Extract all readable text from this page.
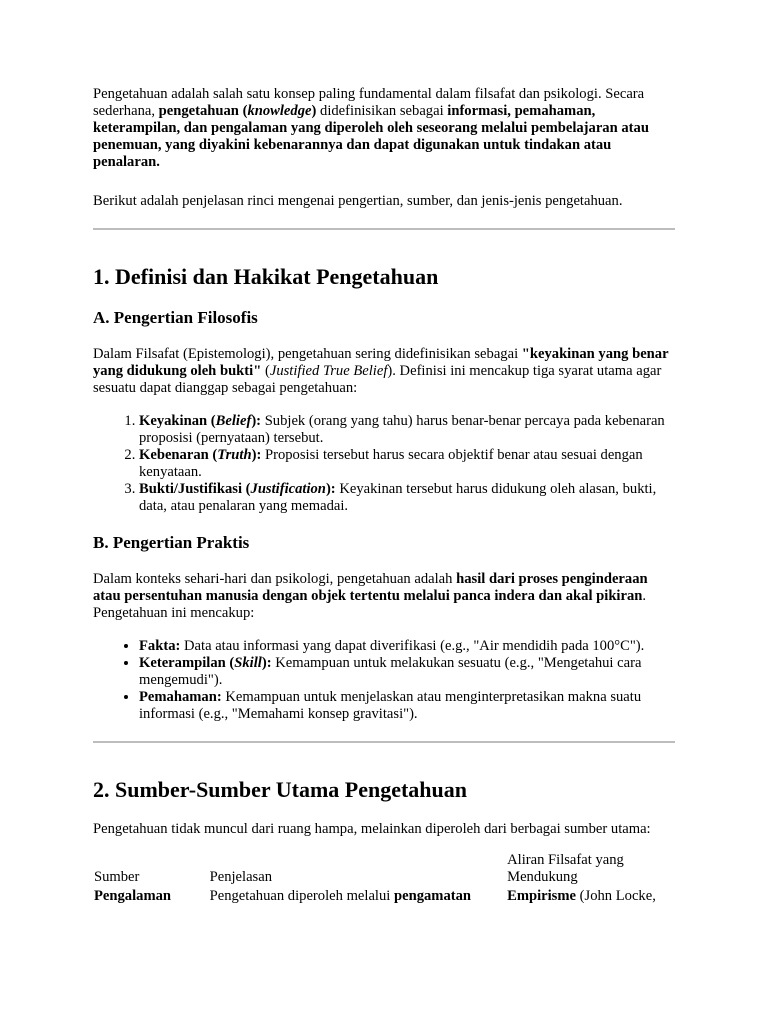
Pengetahuan adalah salah satu konsep paling fundamental dalam filsafat dan psikologi. Secara sederhana, pengetahuan (knowledge) didefinisikan sebagai informasi, pemahaman, keterampilan, dan pengalaman yang diperoleh oleh seseorang melalui pembelajaran atau penemuan, yang diyakini kebenarannya dan dapat digunakan untuk tindakan atau penalaran.

Berikut adalah penjelasan rinci mengenai pengertian, sumber, dan jenis-jenis pengetahuan.

1. Definisi dan Hakikat Pengetahuan
A. Pengertian Filosofis

Dalam Filsafat (Epistemologi), pengetahuan sering didefinisikan sebagai "keyakinan yang benar yang didukung oleh bukti" (Justified True Belief). Definisi ini mencakup tiga syarat utama agar sesuatu dapat dianggap sebagai pengetahuan:

1. Keyakinan (Belief): Subjek (orang yang tahu) harus benar-benar percaya pada kebenaran proposisi (pernyataan) tersebut.
2. Kebenaran (Truth): Proposisi tersebut harus secara objektif benar atau sesuai dengan kenyataan.
3. Bukti/Justifikasi (Justification): Keyakinan tersebut harus didukung oleh alasan, bukti, data, atau penalaran yang memadai.
B. Pengertian Praktis

Dalam konteks sehari-hari dan psikologi, pengetahuan adalah hasil dari proses penginderaan atau persentuhan manusia dengan objek tertentu melalui panca indera dan akal pikiran. Pengetahuan ini mencakup:

• Fakta: Data atau informasi yang dapat diverifikasi (e.g., "Air mendidih pada 100°C").
• Keterampilan (Skill): Kemampuan untuk melakukan sesuatu (e.g., "Mengetahui cara mengemudi").
• Pemahaman: Kemampuan untuk menjelaskan atau menginterpretasikan makna suatu informasi (e.g., "Memahami konsep gravitasi").
2. Sumber-Sumber Utama Pengetahuan

Pengetahuan tidak muncul dari ruang hampa, melainkan diperoleh dari berbagai sumber utama:

Sumber	Penjelasan	Aliran Filsafat yang Mendukung
Pengalaman	Pengetahuan diperoleh melalui pengamatan	Empirisme (John Locke,
